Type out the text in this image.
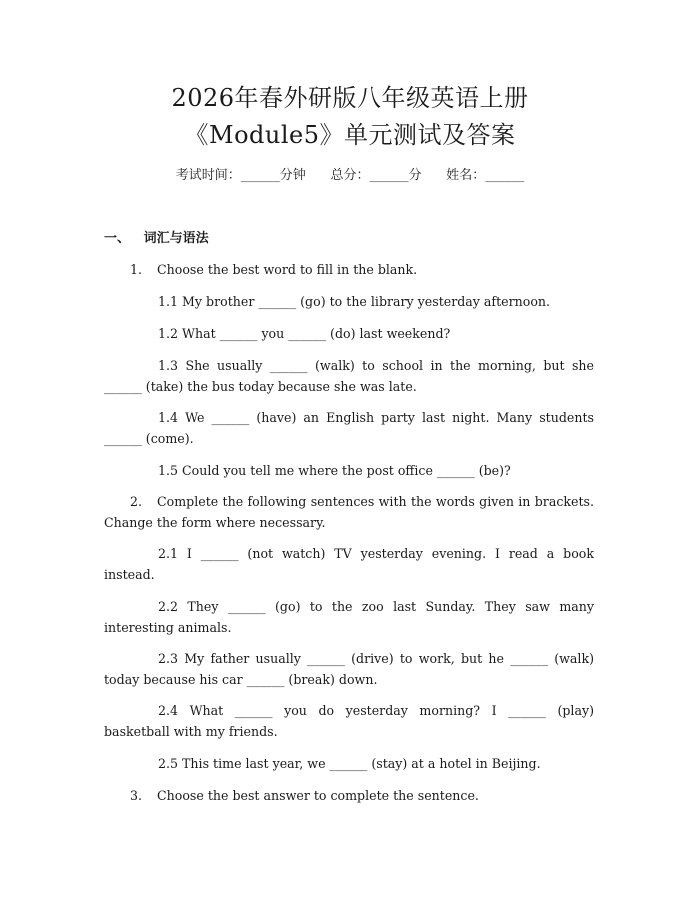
2026年春外研版八年级英语上册
《Module5》单元测试及答案
考试时间：______分钟      总分：______分      姓名：______
一、   词汇与语法
1. Choose the best word to fill in the blank.
1.1 My brother ______ (go) to the library yesterday afternoon.
1.2 What ______ you ______ (do) last weekend?
1.3 She usually ______ (walk) to school in the morning, but she ______ (take) the bus today because she was late.
1.4 We ______ (have) an English party last night. Many students ______ (come).
1.5 Could you tell me where the post office ______ (be)?
2. Complete the following sentences with the words given in brackets. Change the form where necessary.
2.1 I ______ (not watch) TV yesterday evening. I read a book instead.
2.2 They ______ (go) to the zoo last Sunday. They saw many interesting animals.
2.3 My father usually ______ (drive) to work, but he ______ (walk) today because his car ______ (break) down.
2.4 What ______ you do yesterday morning? I ______ (play) basketball with my friends.
2.5 This time last year, we ______ (stay) at a hotel in Beijing.
3. Choose the best answer to complete the sentence.
